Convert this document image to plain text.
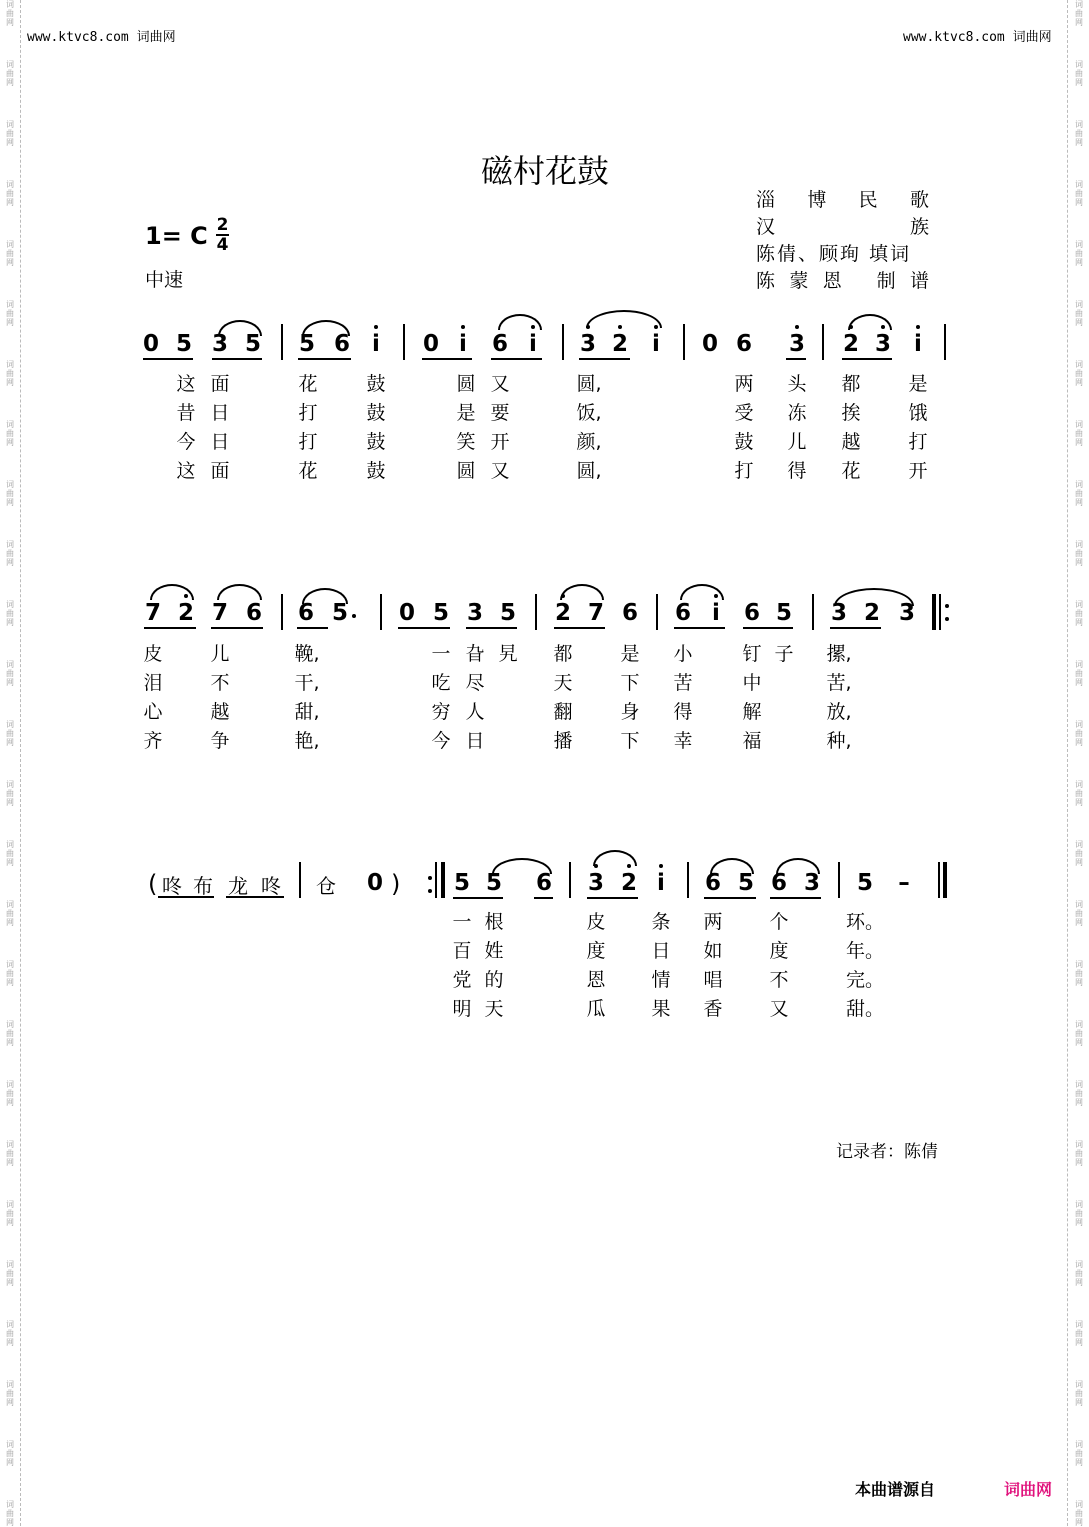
词
曲
网
词
曲
网
词
曲
网
词
曲
网
词
曲
网
词
曲
网
词
曲
网
词
曲
网
词
曲
网
词
曲
网
词
曲
网
词
曲
网
词
曲
网
词
曲
网
词
曲
网
词
曲
网
词
曲
网
词
曲
网
词
曲
网
词
曲
网
词
曲
网
词
曲
网
词
曲
网
词
曲
网
词
曲
网
词
曲
网
词
曲
网
词
曲
网
词
曲
网
词
曲
网
词
曲
网
词
曲
网
词
曲
网
词
曲
网
词
曲
网
词
曲
网
词
曲
网
词
曲
网
词
曲
网
词
曲
网
词
曲
网
词
曲
网
词
曲
网
词
曲
网
词
曲
网
词
曲
网
词
曲
网
词
曲
网
词
曲
网
词
曲
网
词
曲
网
词
曲
网
www.ktvc8.com 词曲网	www.ktvc8.com 词曲网
磁村花鼓
淄 博 民 歌
汉 族
陈倩、顾珣 填词
陈蒙恩 制谱
1= C 2
4
中速
0 5 3 5 5 6 i 0 i 6 i 3 2 i 0 6 3 2 3 i
7 2 7 6 6 5 0 5 3 5 2 7 6 6 i 6 5 3 2 3
5 5 6 3 2 i 6 5 6 3 5 –
这 面	花	鼓	圆 又	圆,	两 头 都	是
昔 日	打	鼓	是 要	饭,	受 冻 挨	饿
今 日	打	鼓	笑 开	颜,	鼓 儿 越	打
这 面	花	鼓	圆 又	圆,	打 得 花	开
皮	儿	鞔,	一 旮 旯 都	是 小	钉 子 摞,
泪	不	干,	吃 尽	天	下 苦	中	苦,
心	越	甜,	穷 人	翻	身 得	解	放,
齐	争	艳,	今 日	播	下 幸	福	种,
一 根	皮 条 两 个	环。
百 姓	度 日 如 度	年。
党 的	恩 情 唱 不	完。
明 天	瓜 果 香 又	甜。
( 咚 布 龙 咚 仓 0 )
记录者：陈倩
本曲谱源自	词曲网
